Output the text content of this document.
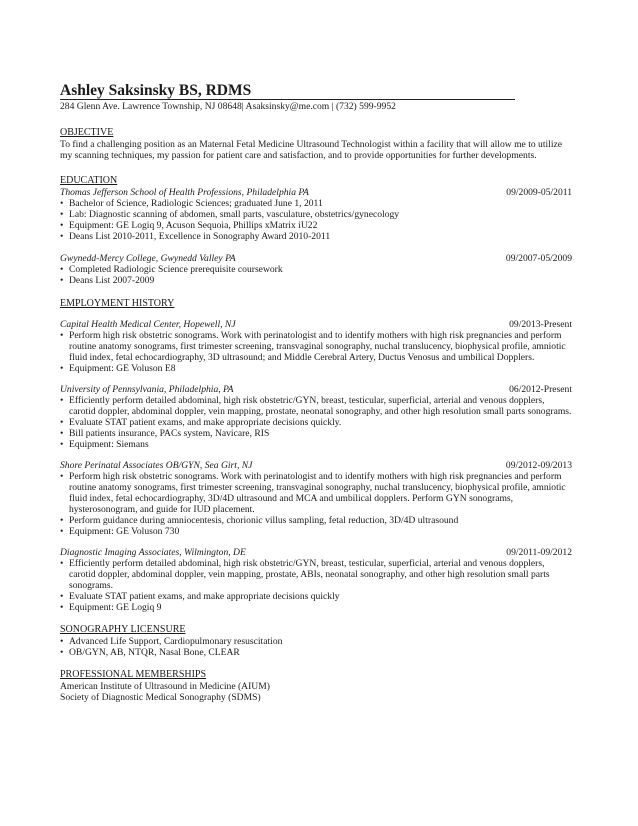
Ashley Saksinsky BS, RDMS
284 Glenn Ave. Lawrence Township, NJ 08648| Asaksinsky@me.com | (732) 599-9952
OBJECTIVE
To find a challenging position as an Maternal Fetal Medicine Ultrasound Technologist within a facility that will allow me to utilize my scanning techniques, my passion for patient care and satisfaction, and to provide opportunities for further developments.
EDUCATION
Thomas Jefferson School of Health Professions, Philadelphia PA	09/2009-05/2011
• Bachelor of Science, Radiologic Sciences; graduated June 1, 2011
• Lab: Diagnostic scanning of abdomen, small parts, vasculature, obstetrics/gynecology
• Equipment: GE Logiq 9, Acuson Sequoia, Phillips xMatrix iU22
• Deans List 2010-2011, Excellence in Sonography Award 2010-2011
Gwynedd-Mercy College, Gwynedd Valley PA	09/2007-05/2009
• Completed Radiologic Science prerequisite coursework
• Deans List 2007-2009
EMPLOYMENT HISTORY
Capital Health Medical Center, Hopewell, NJ	09/2013-Present
• Perform high risk obstetric sonograms. Work with perinatologist and to identify mothers with high risk pregnancies and perform routine anatomy sonograms, first trimester screening, transvaginal sonography, nuchal translucency, biophysical profile, amniotic fluid index, fetal echocardiography, 3D ultrasound; and Middle Cerebral Artery, Ductus Venosus and umbilical Dopplers.
• Equipment: GE Voluson E8
University of Pennsylvania, Philadelphia, PA	06/2012-Present
• Efficiently perform detailed abdominal, high risk obstetric/GYN, breast, testicular, superficial, arterial and venous dopplers, carotid doppler, abdominal doppler, vein mapping, prostate, neonatal sonography, and other high resolution small parts sonograms.
• Evaluate STAT patient exams, and make appropriate decisions quickly.
• Bill patients insurance, PACs system, Navicare, RIS
• Equipment: Siemans
Shore Perinatal Associates OB/GYN, Sea Girt, NJ	09/2012-09/2013
• Perform high risk obstetric sonograms. Work with perinatologist and to identify mothers with high risk pregnancies and perform routine anatomy sonograms, first trimester screening, transvaginal sonography, nuchal translucency, biophysical profile, amniotic fluid index, fetal echocardiography, 3D/4D ultrasound and MCA and umbilical dopplers. Perform GYN sonograms, hysterosonogram, and guide for IUD placement.
• Perform guidance during amniocentesis, chorionic villus sampling, fetal reduction, 3D/4D ultrasound
• Equipment: GE Voluson 730
Diagnostic Imaging Associates, Wilmington, DE	09/2011-09/2012
• Efficiently perform detailed abdominal, high risk obstetric/GYN, breast, testicular, superficial, arterial and venous dopplers, carotid doppler, abdominal doppler, vein mapping, prostate, ABIs, neonatal sonography, and other high resolution small parts sonograms.
• Evaluate STAT patient exams, and make appropriate decisions quickly
• Equipment: GE Logiq 9
SONOGRAPHY LICENSURE
• Advanced Life Support, Cardiopulmonary resuscitation
• OB/GYN, AB, NTQR, Nasal Bone, CLEAR
PROFESSIONAL MEMBERSHIPS
American Institute of Ultrasound in Medicine (AIUM)
Society of Diagnostic Medical Sonography (SDMS)
